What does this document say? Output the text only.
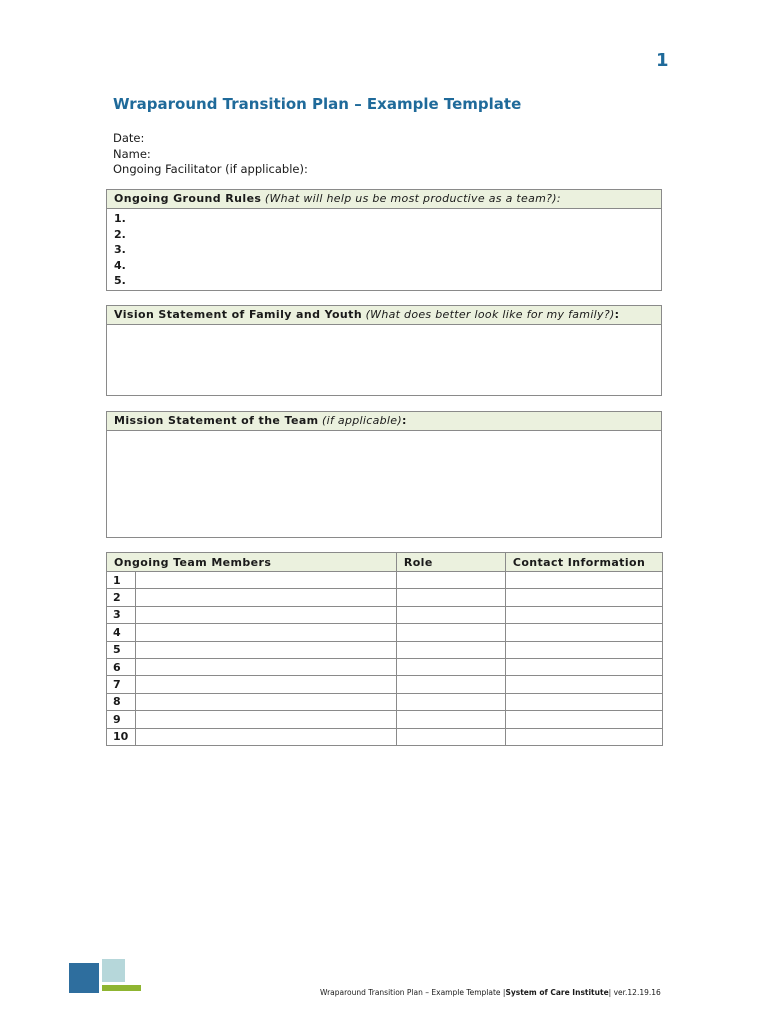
1
Wraparound Transition Plan – Example Template
Date:
Name:
Ongoing Facilitator (if applicable):
Ongoing Ground Rules (What will help us be most productive as a team?):
1.
2.
3.
4.
5.
Vision Statement of Family and Youth (What does better look like for my family?):
Mission Statement of the Team (if applicable):
Ongoing Team Members		Role	Contact Information
1			
2			
3			
4			
5			
6			
7			
8			
9			
10			
Wraparound Transition Plan – Example Template |System of Care Institute| ver.12.19.16
